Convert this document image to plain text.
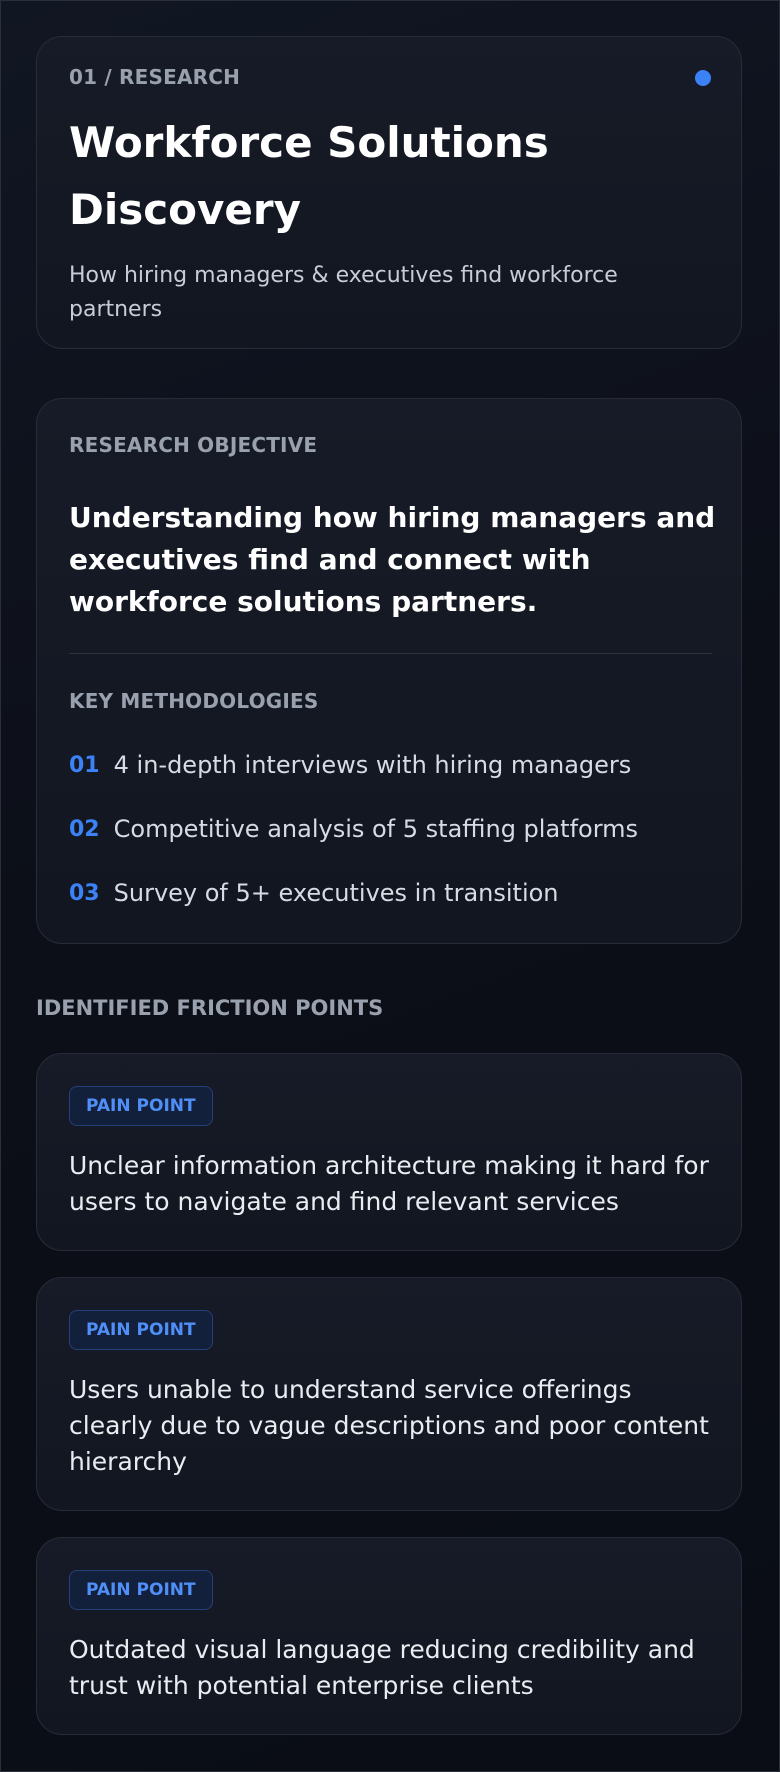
01 / RESEARCH
Workforce Solutions Discovery
How hiring managers & executives find workforce partners
RESEARCH OBJECTIVE
Understanding how hiring managers and executives find and connect with workforce solutions partners.
KEY METHODOLOGIES
01 4 in-depth interviews with hiring managers
02 Competitive analysis of 5 staffing platforms
03 Survey of 5+ executives in transition
IDENTIFIED FRICTION POINTS
PAIN POINT
Unclear information architecture making it hard for users to navigate and find relevant services
PAIN POINT
Users unable to understand service offerings clearly due to vague descriptions and poor content hierarchy
PAIN POINT
Outdated visual language reducing credibility and trust with potential enterprise clients
